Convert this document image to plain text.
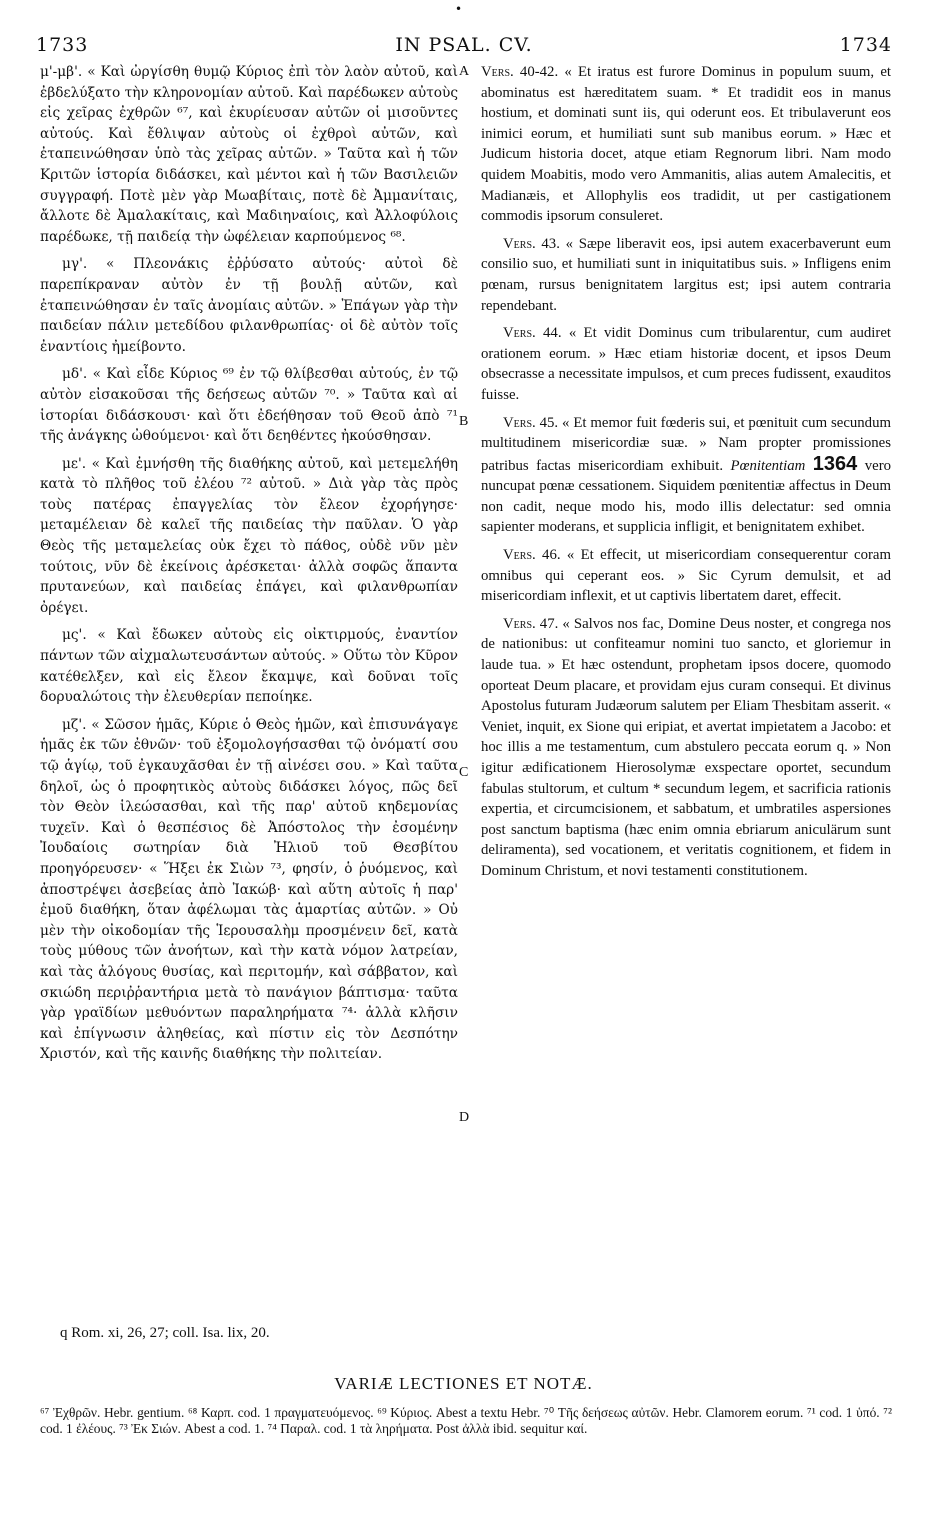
•
1733	IN PSAL. CV.	1734

μ'-μβ'. « Καὶ ὠργίσθη θυμῷ Κύριος ἐπὶ τὸν λαὸν αὐτοῦ, καὶ ἐβδελύξατο τὴν κληρονομίαν αὐτοῦ. Καὶ παρέδωκεν αὐτοὺς εἰς χεῖρας ἐχθρῶν ⁶⁷, καὶ ἐκυρίευσαν αὐτῶν οἱ μισοῦντες αὐτούς. Καὶ ἔθλιψαν αὐτοὺς οἱ ἐχθροὶ αὐτῶν, καὶ ἐταπεινώθησαν ὑπὸ τὰς χεῖρας αὐτῶν. » Ταῦτα καὶ ἡ τῶν Κριτῶν ἱστορία διδάσκει, καὶ μέντοι καὶ ἡ τῶν Βασιλειῶν συγγραφή. Ποτὲ μὲν γὰρ Μωαβίταις, ποτὲ δὲ Ἀμμανίταις, ἄλλοτε δὲ Ἀμαλακίταις, καὶ Μαδιηναίοις, καὶ Ἀλλοφύλοις παρέδωκε, τῇ παιδείᾳ τὴν ὠφέλειαν καρπούμενος ⁶⁸.

μγ'. « Πλεονάκις ἐῤῥύσατο αὐτούς· αὐτοὶ δὲ παρεπίκραναν αὐτὸν ἐν τῇ βουλῇ αὐτῶν, καὶ ἐταπεινώθησαν ἐν ταῖς ἀνομίαις αὐτῶν. » Ἐπάγων γὰρ τὴν παιδείαν πάλιν μετεδίδου φιλανθρωπίας· οἱ δὲ αὐτὸν τοῖς ἐναντίοις ἠμείβοντο.

μδ'. « Καὶ εἶδε Κύριος ⁶⁹ ἐν τῷ θλίβεσθαι αὐτούς, ἐν τῷ αὐτὸν εἰσακοῦσαι τῆς δεήσεως αὐτῶν ⁷⁰. » Ταῦτα καὶ αἱ ἱστορίαι διδάσκουσι· καὶ ὅτι ἐδεήθησαν τοῦ Θεοῦ ἀπὸ ⁷¹ τῆς ἀνάγκης ὠθούμενοι· καὶ ὅτι δεηθέντες ἠκούσθησαν.

με'. « Καὶ ἐμνήσθη τῆς διαθήκης αὐτοῦ, καὶ μετεμελήθη κατὰ τὸ πλῆθος τοῦ ἐλέου ⁷² αὐτοῦ. » Διὰ γὰρ τὰς πρὸς τοὺς πατέρας ἐπαγγελίας τὸν ἔλεον ἐχορήγησε· μεταμέλειαν δὲ καλεῖ τῆς παιδείας τὴν παῦλαν. Ὁ γὰρ Θεὸς τῆς μεταμελείας οὐκ ἔχει τὸ πάθος, οὐδὲ νῦν μὲν τούτοις, νῦν δὲ ἐκείνοις ἀρέσκεται· ἀλλὰ σοφῶς ἅπαντα πρυτανεύων, καὶ παιδείας ἐπάγει, καὶ φιλανθρωπίαν ὀρέγει.

μς'. « Καὶ ἔδωκεν αὐτοὺς εἰς οἰκτιρμούς, ἐναντίον πάντων τῶν αἰχμαλωτευσάντων αὐτούς. » Οὕτω τὸν Κῦρον κατέθελξεν, καὶ εἰς ἔλεον ἔκαμψε, καὶ δοῦναι τοῖς δορυαλώτοις τὴν ἐλευθερίαν πεποίηκε.

μζ'. « Σῶσον ἡμᾶς, Κύριε ὁ Θεὸς ἡμῶν, καὶ ἐπισυνάγαγε ἡμᾶς ἐκ τῶν ἐθνῶν· τοῦ ἐξομολογήσασθαι τῷ ὀνόματί σου τῷ ἁγίῳ, τοῦ ἐγκαυχᾶσθαι ἐν τῇ αἰνέσει σου. » Καὶ ταῦτα δηλοῖ, ὡς ὁ προφητικὸς αὐτοὺς διδάσκει λόγος, πῶς δεῖ τὸν Θεὸν ἱλεώσασθαι, καὶ τῆς παρ' αὐτοῦ κηδεμονίας τυχεῖν. Καὶ ὁ θεσπέσιος δὲ Ἀπόστολος τὴν ἐσομένην Ἰουδαίοις σωτηρίαν διὰ Ἠλιοῦ τοῦ Θεσβίτου προηγόρευσεν· « Ἥξει ἐκ Σιὼν ⁷³, φησίν, ὁ ῥυόμενος, καὶ ἀποστρέψει ἀσεβείας ἀπὸ Ἰακώβ· καὶ αὕτη αὐτοῖς ἡ παρ' ἐμοῦ διαθήκη, ὅταν ἀφέλωμαι τὰς ἁμαρτίας αὐτῶν. » Οὐ μὲν τὴν οἰκοδομίαν τῆς Ἱερουσαλὴμ προσμένειν δεῖ, κατὰ τοὺς μύθους τῶν ἀνοήτων, καὶ τὴν κατὰ νόμον λατρείαν, καὶ τὰς ἀλόγους θυσίας, καὶ περιτομήν, καὶ σάββατον, καὶ σκιώδη περιῤῥαντήρια μετὰ τὸ πανάγιον βάπτισμα· ταῦτα γὰρ γραϊδίων μεθυόντων παραληρήματα ⁷⁴· ἀλλὰ κλῆσιν καὶ ἐπίγνωσιν ἀληθείας, καὶ πίστιν εἰς τὸν Δεσπότην Χριστόν, καὶ τῆς καινῆς διαθήκης τὴν πολιτείαν.

A
B
C
D

Vers. 40-42. « Et iratus est furore Dominus in populum suum, et abominatus est hæreditatem suam. * Et tradidit eos in manus hostium, et dominati sunt iis, qui oderunt eos. Et tribulaverunt eos inimici eorum, et humiliati sunt sub manibus eorum. » Hæc et Judicum historia docet, atque etiam Regnorum libri. Nam modo quidem Moabitis, modo vero Ammanitis, alias autem Amalecitis, et Madianæis, et Allophylis eos tradidit, ut per castigationem commodis ipsorum consuleret.

Vers. 43. « Sæpe liberavit eos, ipsi autem exacerbaverunt eum consilio suo, et humiliati sunt in iniquitatibus suis. » Infligens enim pœnam, rursus benignitatem largitus est; ipsi autem contraria rependebant.

Vers. 44. « Et vidit Dominus cum tribularentur, cum audiret orationem eorum. » Hæc etiam historiæ docent, et ipsos Deum obsecrasse a necessitate impulsos, et cum preces fudissent, exauditos fuisse.

Vers. 45. « Et memor fuit fœderis sui, et pœnituit cum secundum multitudinem misericordiæ suæ. » Nam propter promissiones patribus factas misericordiam exhibuit. Pœnitentiam 1364 vero nuncupat pœnæ cessationem. Siquidem pœnitentiæ affectus in Deum non cadit, neque modo his, modo illis delectatur: sed omnia sapienter moderans, et supplicia infligit, et benignitatem exhibet.

Vers. 46. « Et effecit, ut misericordiam consequerentur coram omnibus qui ceperant eos. » Sic Cyrum demulsit, et ad misericordiam inflexit, et ut captivis libertatem daret, effecit.

Vers. 47. « Salvos nos fac, Domine Deus noster, et congrega nos de nationibus: ut confiteamur nomini tuo sancto, et gloriemur in laude tua. » Et hæc ostendunt, prophetam ipsos docere, quomodo oporteat Deum placare, et providam ejus curam consequi. Et divinus Apostolus futuram Judæorum salutem per Eliam Thesbitam asserit. « Veniet, inquit, ex Sione qui eripiat, et avertat impietatem a Jacobo: et hoc illis a me testamentum, cum abstulero peccata eorum q. » Non igitur ædificationem Hierosolymæ exspectare oportet, secundum fabulas stultorum, et cultum * secundum legem, et sacrificia rationis expertia, et circumcisionem, et sabbatum, et umbratiles aspersiones post sanctum baptisma (hæc enim omnia ebriarum aniculärum sunt deliramenta), sed vocationem, et veritatis cognitionem, et fidem in Dominum Christum, et novi testamenti constitutionem.

q Rom. xi, 26, 27; coll. Isa. lix, 20.
VARIÆ LECTIONES ET NOTÆ.
⁶⁷ Ἐχθρῶν. Hebr. gentium. ⁶⁸ Καρπ. cod. 1 πραγματευόμενος. ⁶⁹ Κύριος. Abest a textu Hebr. ⁷⁰ Τῆς δεήσεως αὐτῶν. Hebr. Clamorem eorum. ⁷¹ cod. 1 ὑπό. ⁷² cod. 1 ἐλέους. ⁷³ Ἐκ Σιών. Abest a cod. 1. ⁷⁴ Παραλ. cod. 1 τὰ ληρήματα. Post ἀλλὰ ibid. sequitur καί.
